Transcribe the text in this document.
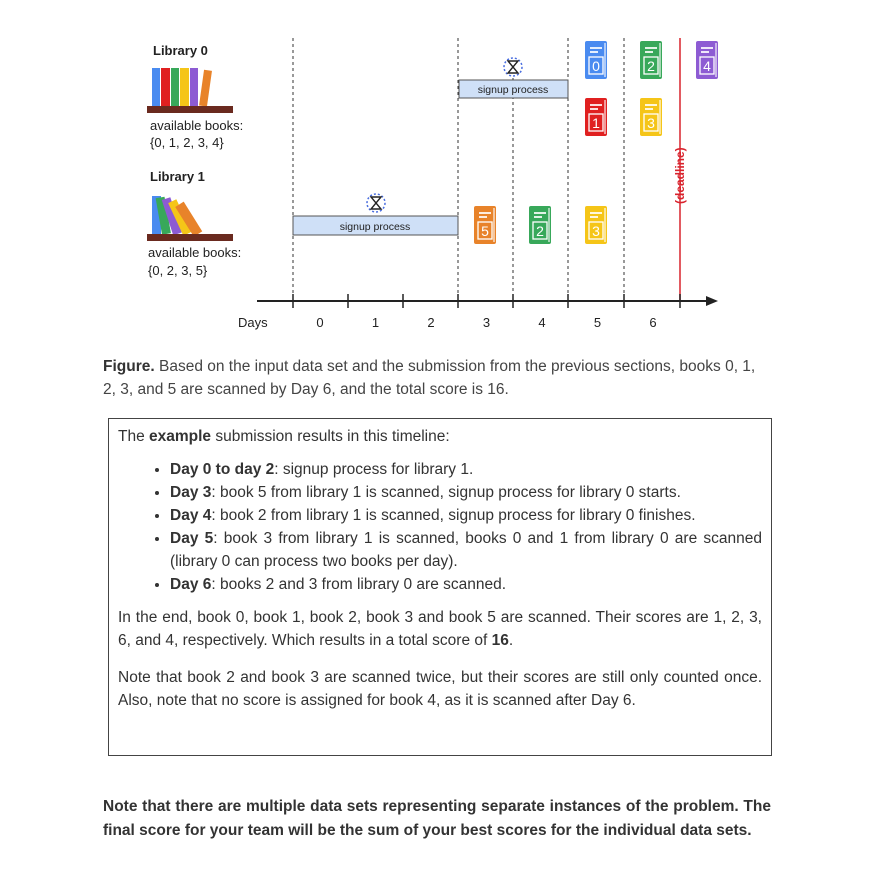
Library 0
available books:
{0, 1, 2, 3, 4}
Library 1
available books:
{0, 2, 3, 5}
(deadline)
signup process
signup process
0	2	4
1	3
5	2	3
Days	0	1	2	3	4	5	6
Figure. Based on the input data set and the submission from the previous sections, books 0, 1, 2, 3, and 5 are scanned by Day 6, and the total score is 16.

The example submission results in this timeline:

• Day 0 to day 2: signup process for library 1.
• Day 3: book 5 from library 1 is scanned, signup process for library 0 starts.
• Day 4: book 2 from library 1 is scanned, signup process for library 0 finishes.
• Day 5: book 3 from library 1 is scanned, books 0 and 1 from library 0 are scanned (library 0 can process two books per day).
• Day 6: books 2 and 3 from library 0 are scanned.

In the end, book 0, book 1, book 2, book 3 and book 5 are scanned. Their scores are 1, 2, 3, 6, and 4, respectively. Which results in a total score of 16.

Note that book 2 and book 3 are scanned twice, but their scores are still only counted once. Also, note that no score is assigned for book 4, as it is scanned after Day 6.

Note that there are multiple data sets representing separate instances of the problem. The final score for your team will be the sum of your best scores for the individual data sets.
